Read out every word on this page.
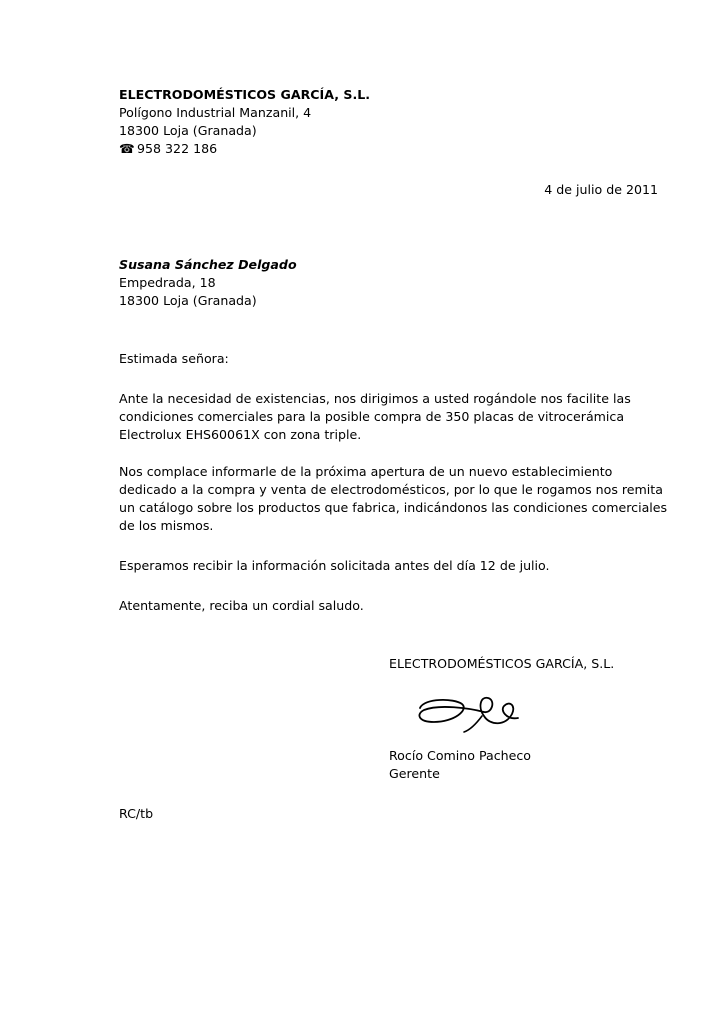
ELECTRODOMÉSTICOS GARCÍA, S.L.
Polígono Industrial Manzanil, 4
18300 Loja (Granada)
☎ 958 322 186
4 de julio de 2011
Susana Sánchez Delgado
Empedrada, 18
18300 Loja (Granada)
Estimada señora:
Ante la necesidad de existencias, nos dirigimos a usted rogándole nos facilite las
condiciones comerciales para la posible compra de 350 placas de vitrocerámica
Electrolux EHS60061X con zona triple.
Nos complace informarle de la próxima apertura de un nuevo establecimiento
dedicado a la compra y venta de electrodomésticos, por lo que le rogamos nos remita
un catálogo sobre los productos que fabrica, indicándonos las condiciones comerciales
de los mismos.
Esperamos recibir la información solicitada antes del día 12 de julio.
Atentamente, reciba un cordial saludo.
ELECTRODOMÉSTICOS GARCÍA, S.L.
Rocío Comino Pacheco
Gerente
RC/tb
